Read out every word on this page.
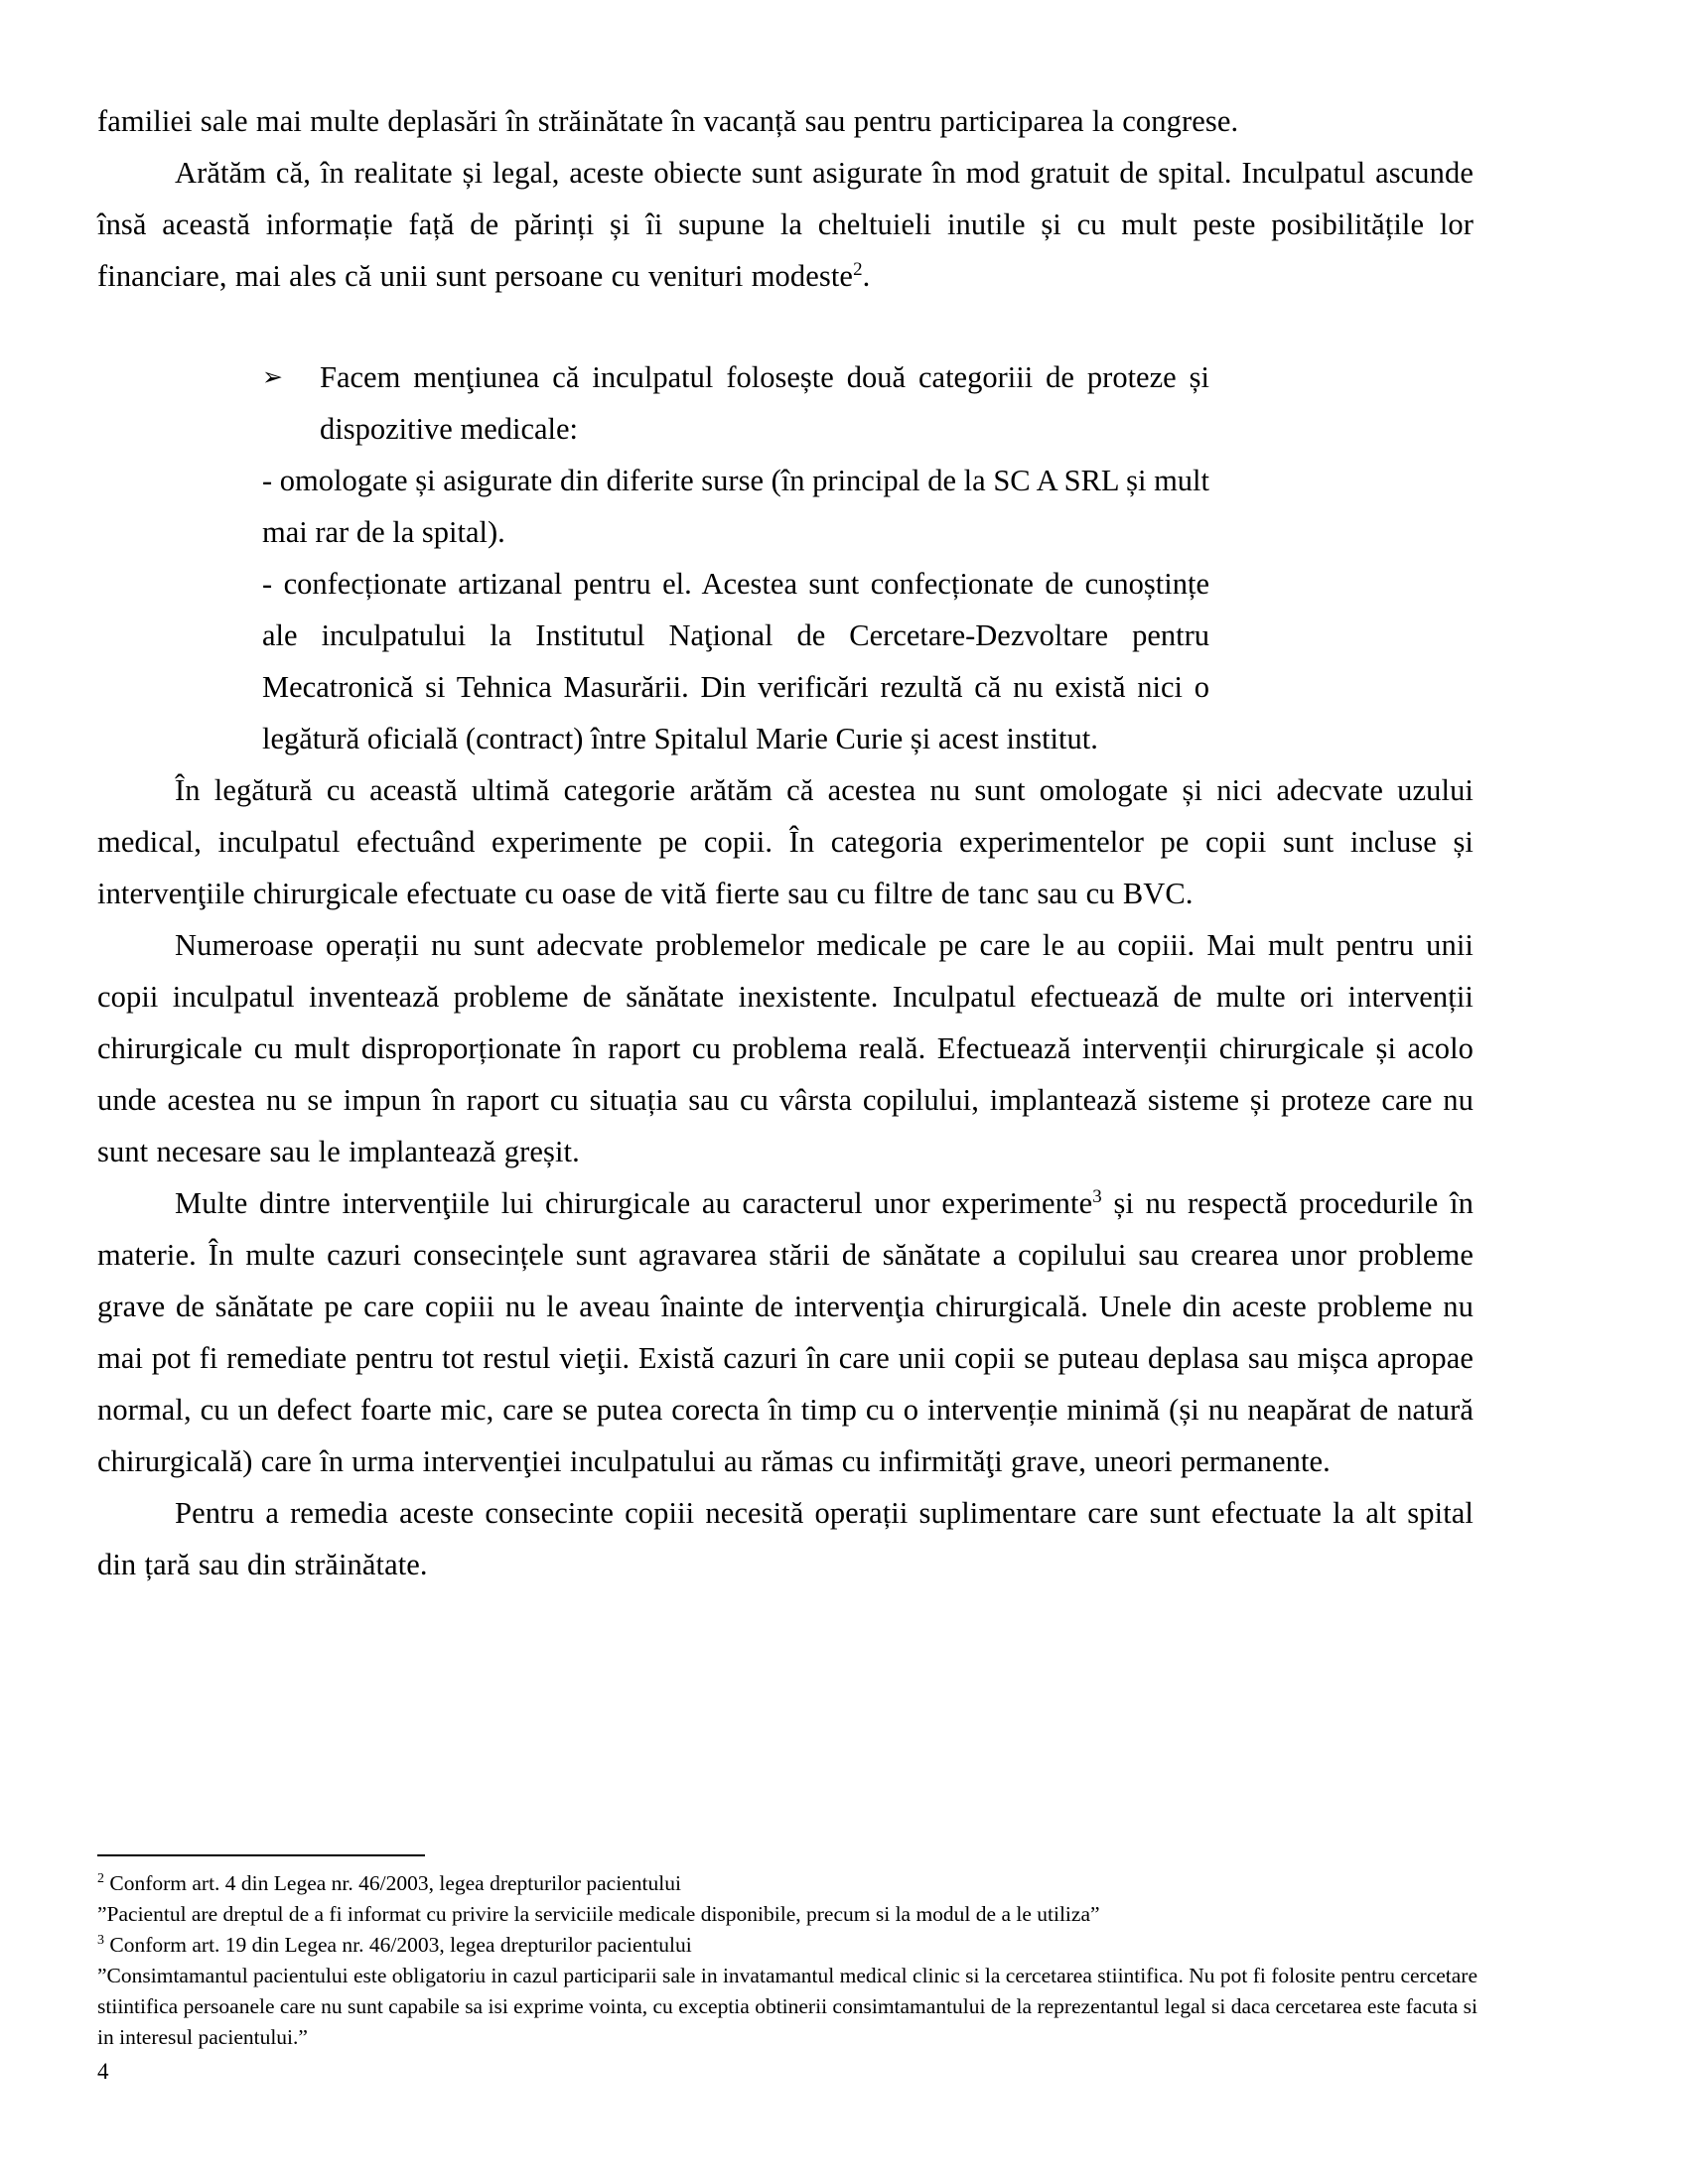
familiei sale mai multe deplasări în străinătate în vacanță sau pentru participarea la congrese.

Arătăm că, în realitate și legal, aceste obiecte sunt asigurate în mod gratuit de spital. Inculpatul ascunde însă această informație față de părinți și îi supune la cheltuieli inutile și cu mult peste posibilitățile lor financiare, mai ales că unii sunt persoane cu venituri modeste$^2$.

➢ Facem menţiunea că inculpatul folosește două categoriii de proteze și dispozitive medicale:
- omologate și asigurate din diferite surse (în principal de la SC A SRL și mult mai rar de la spital).
- confecționate artizanal pentru el. Acestea sunt confecționate de cunoștințe ale inculpatului la Institutul Naţional de Cercetare-Dezvoltare pentru Mecatronică si Tehnica Masurării. Din verificări rezultă că nu există nici o legătură oficială (contract) între Spitalul Marie Curie și acest institut.

În legătură cu această ultimă categorie arătăm că acestea nu sunt omologate și nici adecvate uzului medical, inculpatul efectuând experimente pe copii. În categoria experimentelor pe copii sunt incluse și intervenţiile chirurgicale efectuate cu oase de vită fierte sau cu filtre de tanc sau cu BVC.

Numeroase operații nu sunt adecvate problemelor medicale pe care le au copiii. Mai mult pentru unii copii inculpatul inventează probleme de sănătate inexistente. Inculpatul efectuează de multe ori intervenții chirurgicale cu mult disproporționate în raport cu problema reală. Efectuează intervenții chirurgicale și acolo unde acestea nu se impun în raport cu situația sau cu vârsta copilului, implantează sisteme și proteze care nu sunt necesare sau le implantează greșit.

Multe dintre intervenţiile lui chirurgicale au caracterul unor experimente$^3$ și nu respectă procedurile în materie. În multe cazuri consecințele sunt agravarea stării de sănătate a copilului sau crearea unor probleme grave de sănătate pe care copiii nu le aveau înainte de intervenţia chirurgicală. Unele din aceste probleme nu mai pot fi remediate pentru tot restul vieţii. Există cazuri în care unii copii se puteau deplasa sau mișca apropae normal, cu un defect foarte mic, care se putea corecta în timp cu o intervenție minimă (și nu neapărat de natură chirurgicală) care în urma intervenţiei inculpatului au rămas cu infirmităţi grave, uneori permanente.

Pentru a remedia aceste consecinte copiii necesită operații suplimentare care sunt efectuate la alt spital din țară sau din străinătate.

$^2$ Conform art. 4 din Legea nr. 46/2003, legea drepturilor pacientului

”Pacientul are dreptul de a fi informat cu privire la serviciile medicale disponibile, precum si la modul de a le utiliza”

$^3$ Conform art. 19 din Legea nr. 46/2003, legea drepturilor pacientului

”Consimtamantul pacientului este obligatoriu in cazul participarii sale in invatamantul medical clinic si la cercetarea stiintifica. Nu pot fi folosite pentru cercetare stiintifica persoanele care nu sunt capabile sa isi exprime vointa, cu exceptia obtinerii consimtamantului de la reprezentantul legal si daca cercetarea este facuta si in interesul pacientului.”

4
